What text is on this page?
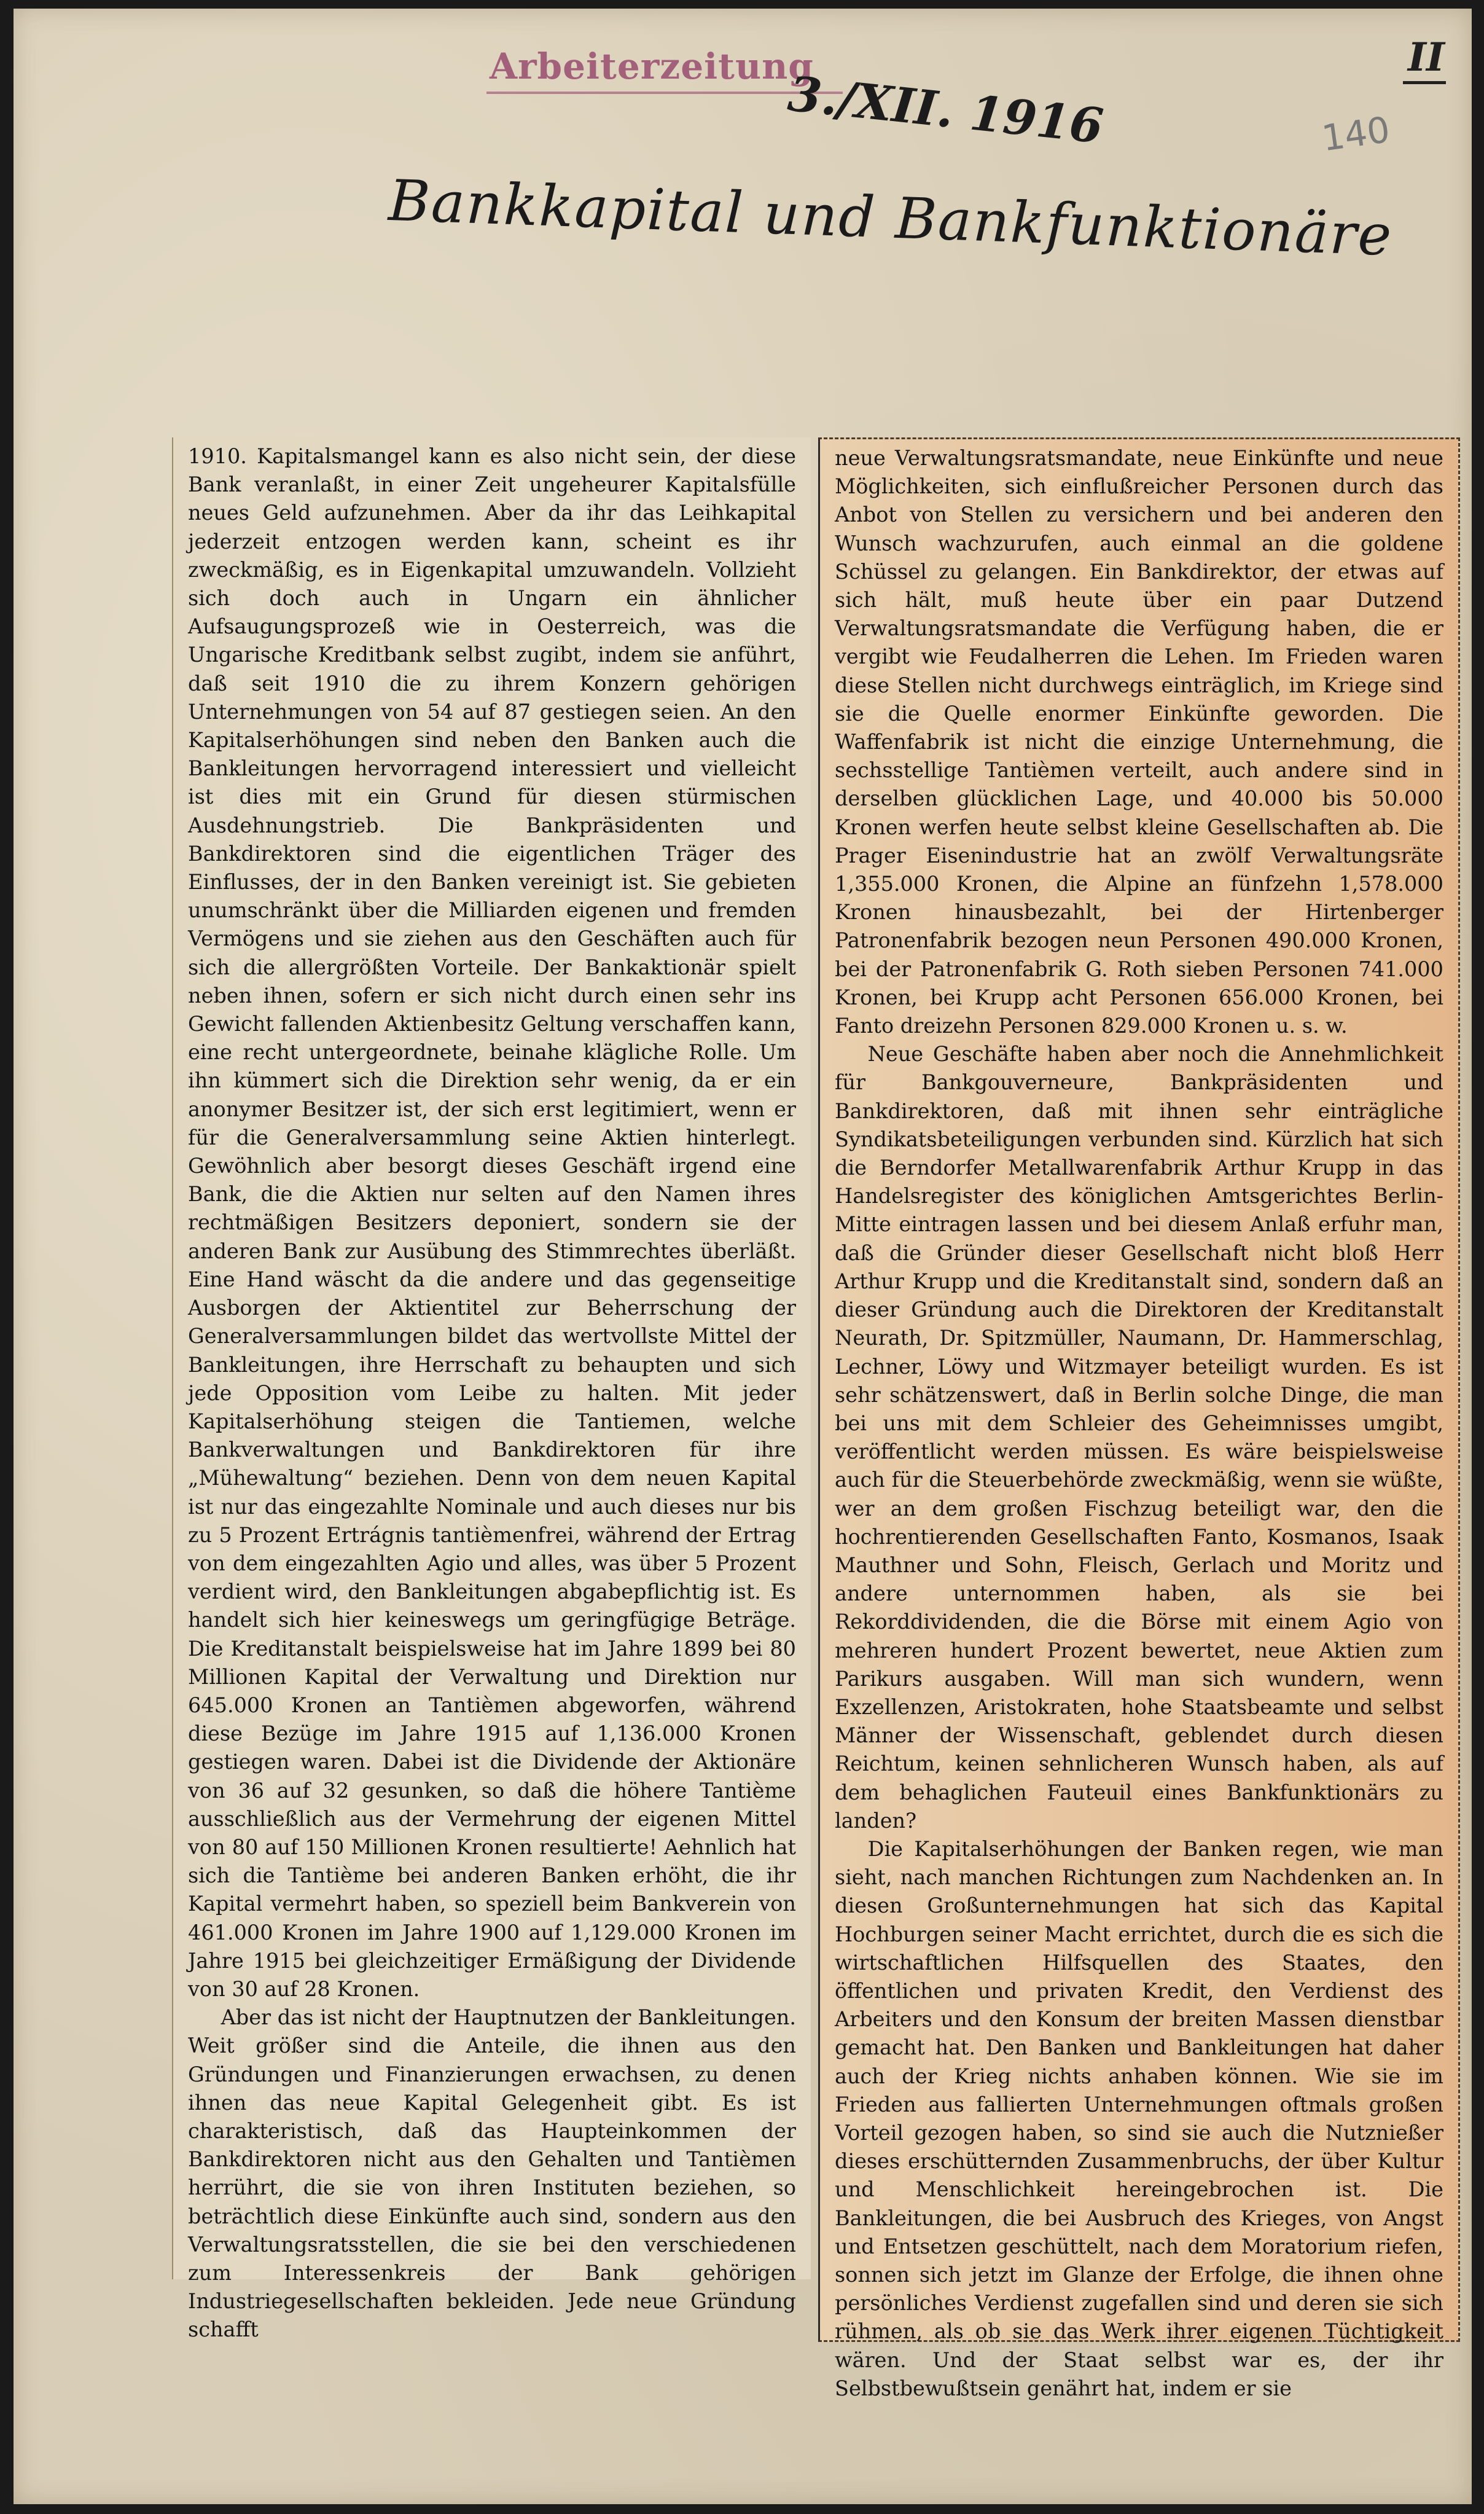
Arbeiterzeitung
3./XII. 1916
II
140
Bankkapital und Bankfunktionäre

1910. Kapitalsmangel kann es also nicht sein, der diese Bank veranlaßt, in einer Zeit ungeheurer Kapitalsfülle neues Geld aufzunehmen. Aber da ihr das Leihkapital jederzeit entzogen werden kann, scheint es ihr zweckmäßig, es in Eigenkapital umzuwandeln. Vollzieht sich doch auch in Ungarn ein ähnlicher Aufsaugungsprozeß wie in Oesterreich, was die Ungarische Kreditbank selbst zugibt, indem sie anführt, daß seit 1910 die zu ihrem Konzern gehörigen Unternehmungen von 54 auf 87 gestiegen seien. An den Kapitalserhöhungen sind neben den Banken auch die Bankleitungen hervorragend interessiert und vielleicht ist dies mit ein Grund für diesen stürmischen Ausdehnungstrieb. Die Bankpräsidenten und Bankdirektoren sind die eigentlichen Träger des Einflusses, der in den Banken vereinigt ist. Sie gebieten unumschränkt über die Milliarden eigenen und fremden Vermögens und sie ziehen aus den Geschäften auch für sich die allergrößten Vorteile. Der Bankaktionär spielt neben ihnen, sofern er sich nicht durch einen sehr ins Gewicht fallenden Aktienbesitz Geltung verschaffen kann, eine recht untergeordnete, beinahe klägliche Rolle. Um ihn kümmert sich die Direktion sehr wenig, da er ein anonymer Besitzer ist, der sich erst legitimiert, wenn er für die Generalversammlung seine Aktien hinterlegt. Gewöhnlich aber besorgt dieses Geschäft irgend eine Bank, die die Aktien nur selten auf den Namen ihres rechtmäßigen Besitzers deponiert, sondern sie der anderen Bank zur Ausübung des Stimmrechtes überläßt. Eine Hand wäscht da die andere und das gegenseitige Ausborgen der Aktientitel zur Beherrschung der Generalversammlungen bildet das wertvollste Mittel der Bankleitungen, ihre Herrschaft zu behaupten und sich jede Opposition vom Leibe zu halten. Mit jeder Kapitalserhöhung steigen die Tantiemen, welche Bankverwaltungen und Bankdirektoren für ihre „Mühewaltung“ beziehen. Denn von dem neuen Kapital ist nur das eingezahlte Nominale und auch dieses nur bis zu 5 Prozent Ertrágnis tantièmenfrei, während der Ertrag von dem eingezahlten Agio und alles, was über 5 Prozent verdient wird, den Bankleitungen abgabepflichtig ist. Es handelt sich hier keineswegs um geringfügige Beträge. Die Kreditanstalt beispielsweise hat im Jahre 1899 bei 80 Millionen Kapital der Verwaltung und Direktion nur 645.000 Kronen an Tantièmen abgeworfen, während diese Bezüge im Jahre 1915 auf 1,136.000 Kronen gestiegen waren. Dabei ist die Dividende der Aktionäre von 36 auf 32 gesunken, so daß die höhere Tantième ausschließlich aus der Vermehrung der eigenen Mittel von 80 auf 150 Millionen Kronen resultierte! Aehnlich hat sich die Tantième bei anderen Banken erhöht, die ihr Kapital vermehrt haben, so speziell beim Bankverein von 461.000 Kronen im Jahre 1900 auf 1,129.000 Kronen im Jahre 1915 bei gleichzeitiger Ermäßigung der Dividende von 30 auf 28 Kronen.

Aber das ist nicht der Hauptnutzen der Bankleitungen. Weit größer sind die Anteile, die ihnen aus den Gründungen und Finanzierungen erwachsen, zu denen ihnen das neue Kapital Gelegenheit gibt. Es ist charakteristisch, daß das Haupteinkommen der Bankdirektoren nicht aus den Gehalten und Tantièmen herrührt, die sie von ihren Instituten beziehen, so beträchtlich diese Einkünfte auch sind, sondern aus den Verwaltungsratsstellen, die sie bei den verschiedenen zum Interessenkreis der Bank gehörigen Industriegesellschaften bekleiden. Jede neue Gründung schafft

neue Verwaltungsratsmandate, neue Einkünfte und neue Möglichkeiten, sich einflußreicher Personen durch das Anbot von Stellen zu versichern und bei anderen den Wunsch wachzurufen, auch einmal an die goldene Schüssel zu gelangen. Ein Bankdirektor, der etwas auf sich hält, muß heute über ein paar Dutzend Verwaltungsratsmandate die Verfügung haben, die er vergibt wie Feudalherren die Lehen. Im Frieden waren diese Stellen nicht durchwegs einträglich, im Kriege sind sie die Quelle enormer Einkünfte geworden. Die Waffenfabrik ist nicht die einzige Unternehmung, die sechsstellige Tantièmen verteilt, auch andere sind in derselben glücklichen Lage, und 40.000 bis 50.000 Kronen werfen heute selbst kleine Gesellschaften ab. Die Prager Eisenindustrie hat an zwölf Verwaltungsräte 1,355.000 Kronen, die Alpine an fünfzehn 1,578.000 Kronen hinausbezahlt, bei der Hirtenberger Patronenfabrik bezogen neun Personen 490.000 Kronen, bei der Patronenfabrik G. Roth sieben Personen 741.000 Kronen, bei Krupp acht Personen 656.000 Kronen, bei Fanto dreizehn Personen 829.000 Kronen u. s. w.

Neue Geschäfte haben aber noch die Annehmlichkeit für Bankgouverneure, Bankpräsidenten und Bankdirektoren, daß mit ihnen sehr einträgliche Syndikatsbeteiligungen verbunden sind. Kürzlich hat sich die Berndorfer Metallwarenfabrik Arthur Krupp in das Handelsregister des königlichen Amtsgerichtes Berlin-Mitte eintragen lassen und bei diesem Anlaß erfuhr man, daß die Gründer dieser Gesellschaft nicht bloß Herr Arthur Krupp und die Kreditanstalt sind, sondern daß an dieser Gründung auch die Direktoren der Kreditanstalt Neurath, Dr. Spitzmüller, Naumann, Dr. Hammerschlag, Lechner, Löwy und Witzmayer beteiligt wurden. Es ist sehr schätzenswert, daß in Berlin solche Dinge, die man bei uns mit dem Schleier des Geheimnisses umgibt, veröffentlicht werden müssen. Es wäre beispielsweise auch für die Steuerbehörde zweckmäßig, wenn sie wüßte, wer an dem großen Fischzug beteiligt war, den die hochrentierenden Gesellschaften Fanto, Kosmanos, Isaak Mauthner und Sohn, Fleisch, Gerlach und Moritz und andere unternommen haben, als sie bei Rekorddividenden, die die Börse mit einem Agio von mehreren hundert Prozent bewertet, neue Aktien zum Parikurs ausgaben. Will man sich wundern, wenn Exzellenzen, Aristokraten, hohe Staatsbeamte und selbst Männer der Wissenschaft, geblendet durch diesen Reichtum, keinen sehnlicheren Wunsch haben, als auf dem behaglichen Fauteuil eines Bankfunktionärs zu landen?

Die Kapitalserhöhungen der Banken regen, wie man sieht, nach manchen Richtungen zum Nachdenken an. In diesen Großunternehmungen hat sich das Kapital Hochburgen seiner Macht errichtet, durch die es sich die wirtschaftlichen Hilfsquellen des Staates, den öffentlichen und privaten Kredit, den Verdienst des Arbeiters und den Konsum der breiten Massen dienstbar gemacht hat. Den Banken und Bankleitungen hat daher auch der Krieg nichts anhaben können. Wie sie im Frieden aus fallierten Unternehmungen oftmals großen Vorteil gezogen haben, so sind sie auch die Nutznießer dieses erschütternden Zusammenbruchs, der über Kultur und Menschlichkeit hereingebrochen ist. Die Bankleitungen, die bei Ausbruch des Krieges, von Angst und Entsetzen geschüttelt, nach dem Moratorium riefen, sonnen sich jetzt im Glanze der Erfolge, die ihnen ohne persönliches Verdienst zugefallen sind und deren sie sich rühmen, als ob sie das Werk ihrer eigenen Tüchtigkeit wären. Und der Staat selbst war es, der ihr Selbstbewußtsein genährt hat, indem er sie
